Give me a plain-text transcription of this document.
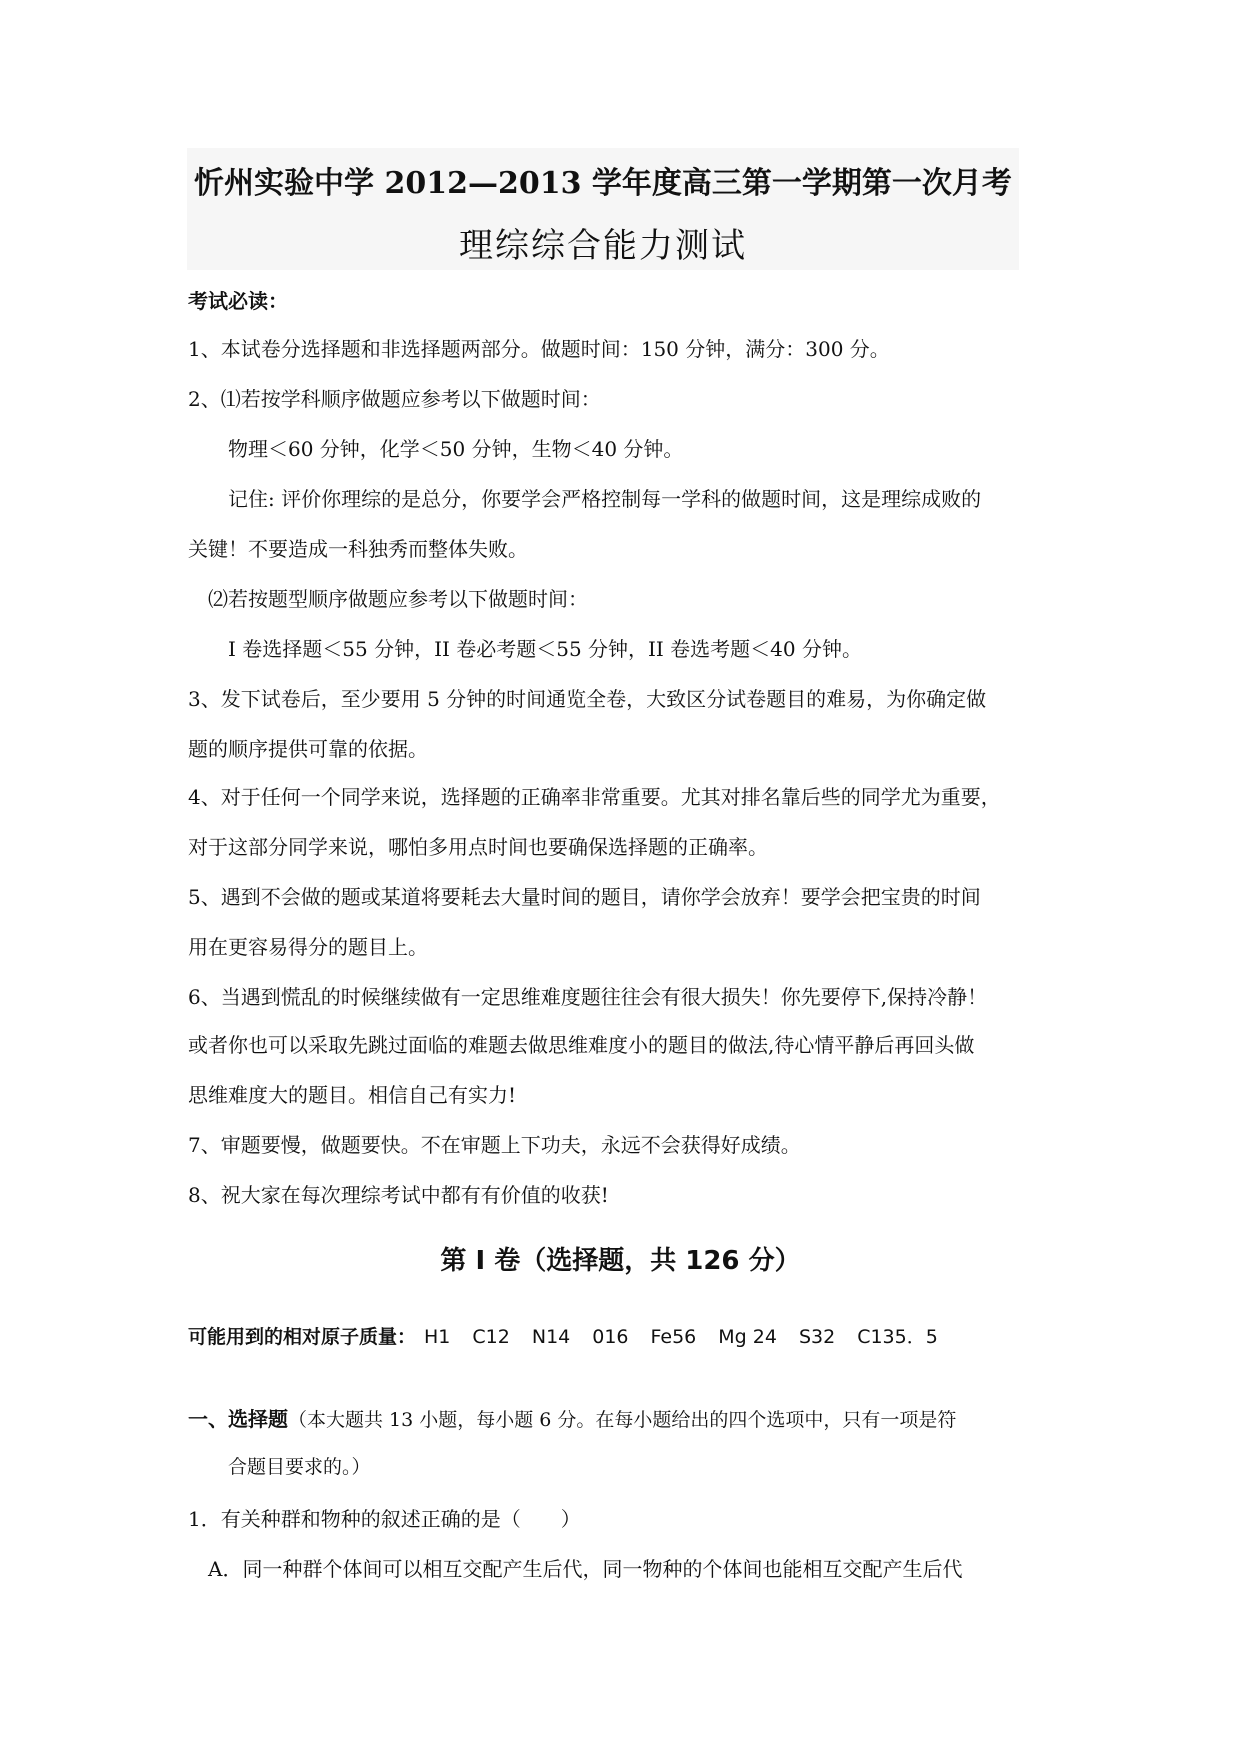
忻州实验中学 2012—2013 学年度高三第一学期第一次月考
理综综合能力测试
考试必读：
1、本试卷分选择题和非选择题两部分。做题时间：150 分钟，满分：300 分。
2、⑴若按学科顺序做题应参考以下做题时间：
物理＜60 分钟，化学＜50 分钟，生物＜40 分钟。
记住: 评价你理综的是总分，你要学会严格控制每一学科的做题时间，这是理综成败的
关键！不要造成一科独秀而整体失败。
⑵若按题型顺序做题应参考以下做题时间：
I 卷选择题＜55 分钟，II 卷必考题＜55 分钟，II 卷选考题＜40 分钟。
3、发下试卷后，至少要用 5 分钟的时间通览全卷，大致区分试卷题目的难易，为你确定做
题的顺序提供可靠的依据。
4、对于任何一个同学来说，选择题的正确率非常重要。尤其对排名靠后些的同学尤为重要，
对于这部分同学来说，哪怕多用点时间也要确保选择题的正确率。
5、遇到不会做的题或某道将要耗去大量时间的题目，请你学会放弃！要学会把宝贵的时间
用在更容易得分的题目上。
6、当遇到慌乱的时候继续做有一定思维难度题往往会有很大损失！你先要停下,保持冷静！
或者你也可以采取先跳过面临的难题去做思维难度小的题目的做法,待心情平静后再回头做
思维难度大的题目。相信自己有实力!
7、审题要慢，做题要快。不在审题上下功夫，永远不会获得好成绩。
8、祝大家在每次理综考试中都有有价值的收获!
第 I 卷（选择题，共 126 分）
可能用到的相对原子质量： H1 C12 N14 016 Fe56 Mg 24 S32 C135．5
一、选择题（本大题共 13 小题，每小题 6 分。在每小题给出的四个选项中，只有一项是符
合题目要求的。）
1．有关种群和物种的叙述正确的是（　　）
A．同一种群个体间可以相互交配产生后代，同一物种的个体间也能相互交配产生后代
